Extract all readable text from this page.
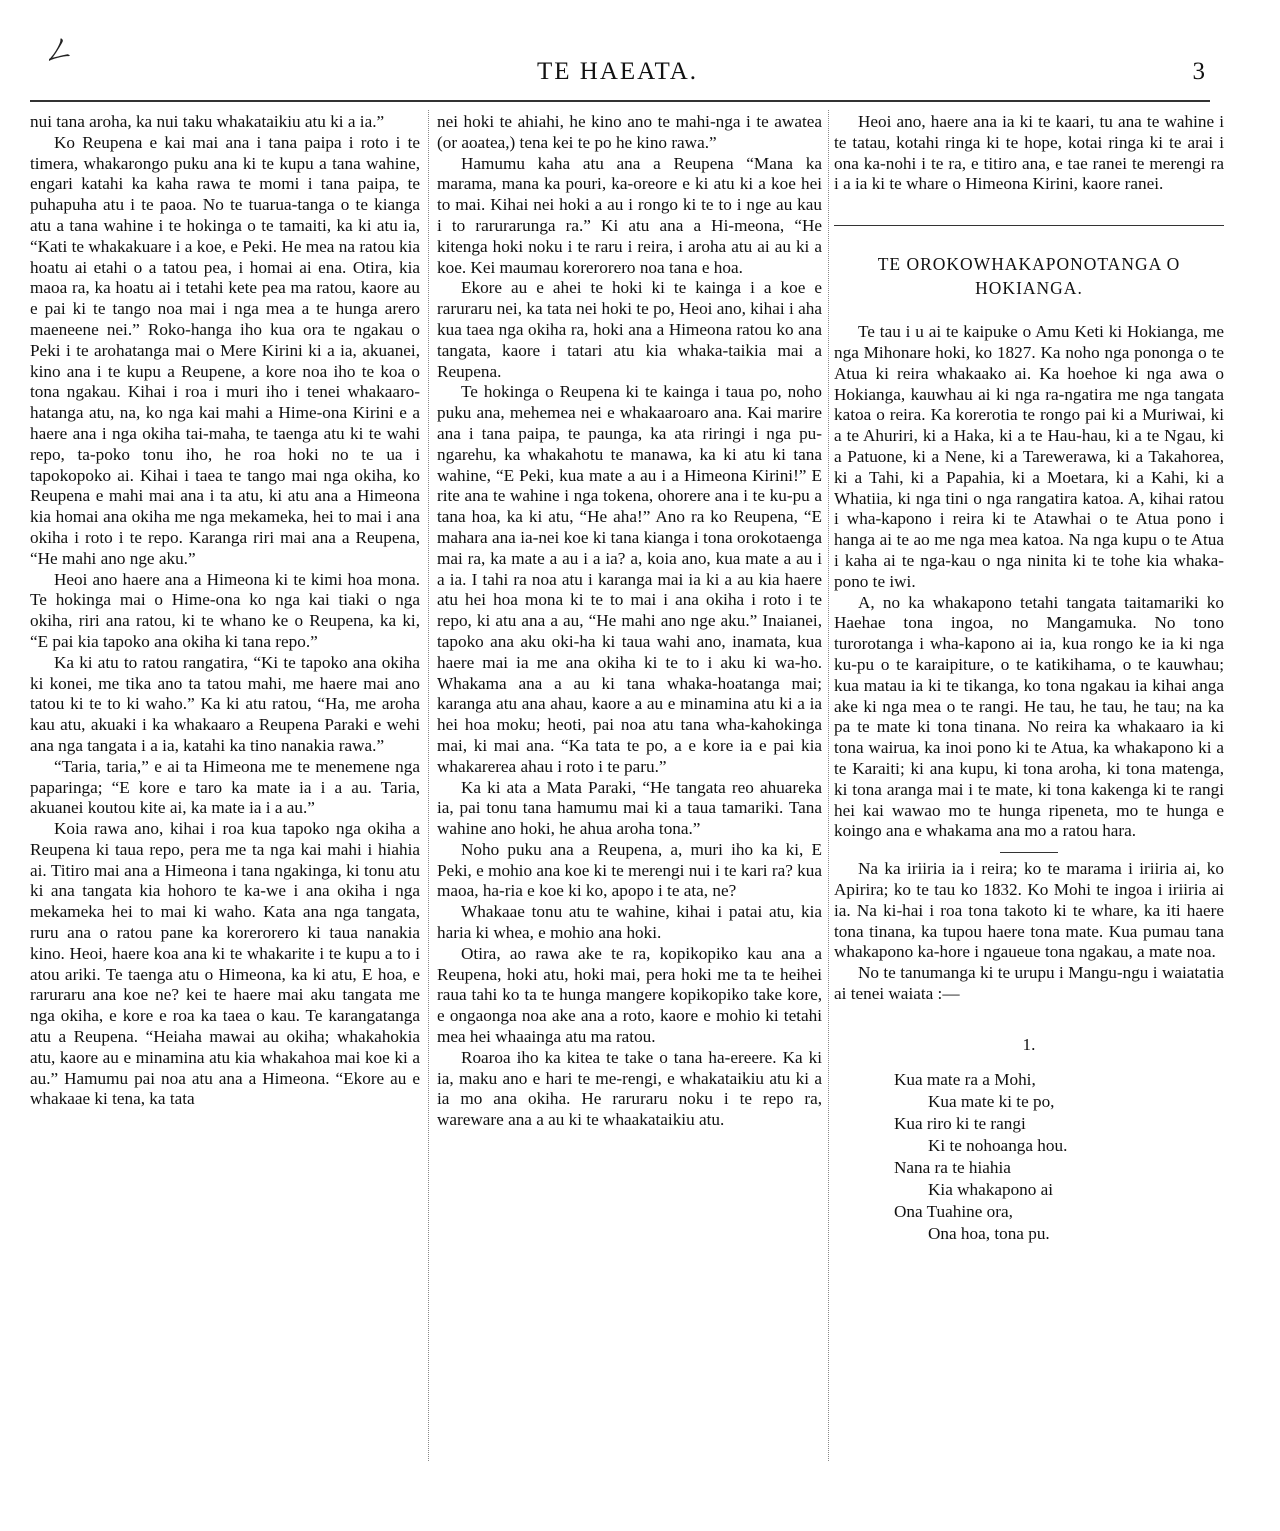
ㄥ
TE HAEATA.	3

nui tana aroha, ka nui taku whakataikiu atu ki a ia.”

Ko Reupena e kai mai ana i tana paipa i roto i te timera, whakarongo puku ana ki te kupu a tana wahine, engari katahi ka kaha rawa te momi i tana paipa, te puhapuha atu i te paoa. No te tuarua-tanga o te kianga atu a tana wahine i te hokinga o te tamaiti, ka ki atu ia, “Kati te whakakuare i a koe, e Peki. He mea na ratou kia hoatu ai etahi o a tatou pea, i homai ai ena. Otira, kia maoa ra, ka hoatu ai i tetahi kete pea ma ratou, kaore au e pai ki te tango noa mai i nga mea a te hunga arero maeneene nei.” Roko-hanga iho kua ora te ngakau o Peki i te arohatanga mai o Mere Kirini ki a ia, akuanei, kino ana i te kupu a Reupene, a kore noa iho te koa o tona ngakau. Kihai i roa i muri iho i tenei whakaaro-hatanga atu, na, ko nga kai mahi a Hime-ona Kirini e a haere ana i nga okiha tai-maha, te taenga atu ki te wahi repo, ta-poko tonu iho, he roa hoki no te ua i tapokopoko ai. Kihai i taea te tango mai nga okiha, ko Reupena e mahi mai ana i ta atu, ki atu ana a Himeona kia homai ana okiha me nga mekameka, hei to mai i ana okiha i roto i te repo. Karanga riri mai ana a Reupena, “He mahi ano nge aku.”

Heoi ano haere ana a Himeona ki te kimi hoa mona. Te hokinga mai o Hime-ona ko nga kai tiaki o nga okiha, riri ana ratou, ki te whano ke o Reupena, ka ki, “E pai kia tapoko ana okiha ki tana repo.”

Ka ki atu to ratou rangatira, “Ki te tapoko ana okiha ki konei, me tika ano ta tatou mahi, me haere mai ano tatou ki te to ki waho.” Ka ki atu ratou, “Ha, me aroha kau atu, akuaki i ka whakaaro a Reupena Paraki e wehi ana nga tangata i a ia, katahi ka tino nanakia rawa.”

“Taria, taria,” e ai ta Himeona me te menemene nga paparinga; “E kore e taro ka mate ia i a au. Taria, akuanei koutou kite ai, ka mate ia i a au.”

Koia rawa ano, kihai i roa kua tapoko nga okiha a Reupena ki taua repo, pera me ta nga kai mahi i hiahia ai. Titiro mai ana a Himeona i tana ngakinga, ki tonu atu ki ana tangata kia hohoro te ka-we i ana okiha i nga mekameka hei to mai ki waho. Kata ana nga tangata, ruru ana o ratou pane ka korerorero ki taua nanakia kino. Heoi, haere koa ana ki te whakarite i te kupu a to i atou ariki. Te taenga atu o Himeona, ka ki atu, E hoa, e raruraru ana koe ne? kei te haere mai aku tangata me nga okiha, e kore e roa ka taea o kau. Te karangatanga atu a Reupena. “Heiaha mawai au okiha; whakahokia atu, kaore au e minamina atu kia whakahoa mai koe ki a au.” Hamumu pai noa atu ana a Himeona. “Ekore au e whakaae ki tena, ka tata

nei hoki te ahiahi, he kino ano te mahi-nga i te awatea (or aoatea,) tena kei te po he kino rawa.”

Hamumu kaha atu ana a Reupena “Mana ka marama, mana ka pouri, ka-oreore e ki atu ki a koe hei to mai. Kihai nei hoki a au i rongo ki te to i nge au kau i to rarurarunga ra.” Ki atu ana a Hi-meona, “He kitenga hoki noku i te raru i reira, i aroha atu ai au ki a koe. Kei maumau korerorero noa tana e hoa.

Ekore au e ahei te hoki ki te kainga i a koe e raruraru nei, ka tata nei hoki te po, Heoi ano, kihai i aha kua taea nga okiha ra, hoki ana a Himeona ratou ko ana tangata, kaore i tatari atu kia whaka-taikia mai a Reupena.

Te hokinga o Reupena ki te kainga i taua po, noho puku ana, mehemea nei e whakaaroaro ana. Kai marire ana i tana paipa, te paunga, ka ata riringi i nga pu-ngarehu, ka whakahotu te manawa, ka ki atu ki tana wahine, “E Peki, kua mate a au i a Himeona Kirini!” E rite ana te wahine i nga tokena, ohorere ana i te ku-pu a tana hoa, ka ki atu, “He aha!” Ano ra ko Reupena, “E mahara ana ia-nei koe ki tana kianga i tona orokotaenga mai ra, ka mate a au i a ia? a, koia ano, kua mate a au i a ia. I tahi ra noa atu i karanga mai ia ki a au kia haere atu hei hoa mona ki te to mai i ana okiha i roto i te repo, ki atu ana a au, “He mahi ano nge aku.” Inaianei, tapoko ana aku oki-ha ki taua wahi ano, inamata, kua haere mai ia me ana okiha ki te to i aku ki wa-ho. Whakama ana a au ki tana whaka-hoatanga mai; karanga atu ana ahau, kaore a au e minamina atu ki a ia hei hoa moku; heoti, pai noa atu tana wha-kahokinga mai, ki mai ana. “Ka tata te po, a e kore ia e pai kia whakarerea ahau i roto i te paru.”

Ka ki ata a Mata Paraki, “He tangata reo ahuareka ia, pai tonu tana hamumu mai ki a taua tamariki. Tana wahine ano hoki, he ahua aroha tona.”

Noho puku ana a Reupena, a, muri iho ka ki, E Peki, e mohio ana koe ki te merengi nui i te kari ra? kua maoa, ha-ria e koe ki ko, apopo i te ata, ne?

Whakaae tonu atu te wahine, kihai i patai atu, kia haria ki whea, e mohio ana hoki.

Otira, ao rawa ake te ra, kopikopiko kau ana a Reupena, hoki atu, hoki mai, pera hoki me ta te heihei raua tahi ko ta te hunga mangere kopikopiko take kore, e ongaonga noa ake ana a roto, kaore e mohio ki tetahi mea hei whaainga atu ma ratou.

Roaroa iho ka kitea te take o tana ha-ereere. Ka ki ia, maku ano e hari te me-rengi, e whakataikiu atu ki a ia mo ana okiha. He raruraru noku i te repo ra, wareware ana a au ki te whaakataikiu atu.

Heoi ano, haere ana ia ki te kaari, tu ana te wahine i te tatau, kotahi ringa ki te hope, kotai ringa ki te arai i ona ka-nohi i te ra, e titiro ana, e tae ranei te merengi ra i a ia ki te whare o Himeona Kirini, kaore ranei.

TE OROKOWHAKAPONOTANGA O HOKIANGA.

Te tau i u ai te kaipuke o Amu Keti ki Hokianga, me nga Mihonare hoki, ko 1827. Ka noho nga pononga o te Atua ki reira whakaako ai. Ka hoehoe ki nga awa o Hokianga, kauwhau ai ki nga ra-ngatira me nga tangata katoa o reira. Ka korerotia te rongo pai ki a Muriwai, ki a te Ahuriri, ki a Haka, ki a te Hau-hau, ki a te Ngau, ki a Patuone, ki a Nene, ki a Tarewerawa, ki a Takahorea, ki a Tahi, ki a Papahia, ki a Moetara, ki a Kahi, ki a Whatiia, ki nga tini o nga rangatira katoa. A, kihai ratou i wha-kapono i reira ki te Atawhai o te Atua pono i hanga ai te ao me nga mea katoa. Na nga kupu o te Atua i kaha ai te nga-kau o nga ninita ki te tohe kia whaka-pono te iwi.

A, no ka whakapono tetahi tangata taitamariki ko Haehae tona ingoa, no Mangamuka. No tono turorotanga i wha-kapono ai ia, kua rongo ke ia ki nga ku-pu o te karaipiture, o te katikihama, o te kauwhau; kua matau ia ki te tikanga, ko tona ngakau ia kihai anga ake ki nga mea o te rangi. He tau, he tau, he tau; na ka pa te mate ki tona tinana. No reira ka whakaaro ia ki tona wairua, ka inoi pono ki te Atua, ka whakapono ki a te Karaiti; ki ana kupu, ki tona aroha, ki tona matenga, ki tona aranga mai i te mate, ki tona kakenga ki te rangi hei kai wawao mo te hunga ripeneta, mo te hunga e koingo ana e whakama ana mo a ratou hara.

Na ka iriiria ia i reira; ko te marama i iriiria ai, ko Apirira; ko te tau ko 1832. Ko Mohi te ingoa i iriiria ai ia. Na ki-hai i roa tona takoto ki te whare, ka iti haere tona tinana, ka tupou haere tona mate. Kua pumau tana whakapono ka-hore i ngaueue tona ngakau, a mate noa.

No te tanumanga ki te urupu i Mangu-ngu i waiatatia ai tenei waiata :—

1.
Kua mate ra a Mohi,
Kua mate ki te po,
Kua riro ki te rangi
Ki te nohoanga hou.
Nana ra te hiahia
Kia whakapono ai
Ona Tuahine ora,
Ona hoa, tona pu.
